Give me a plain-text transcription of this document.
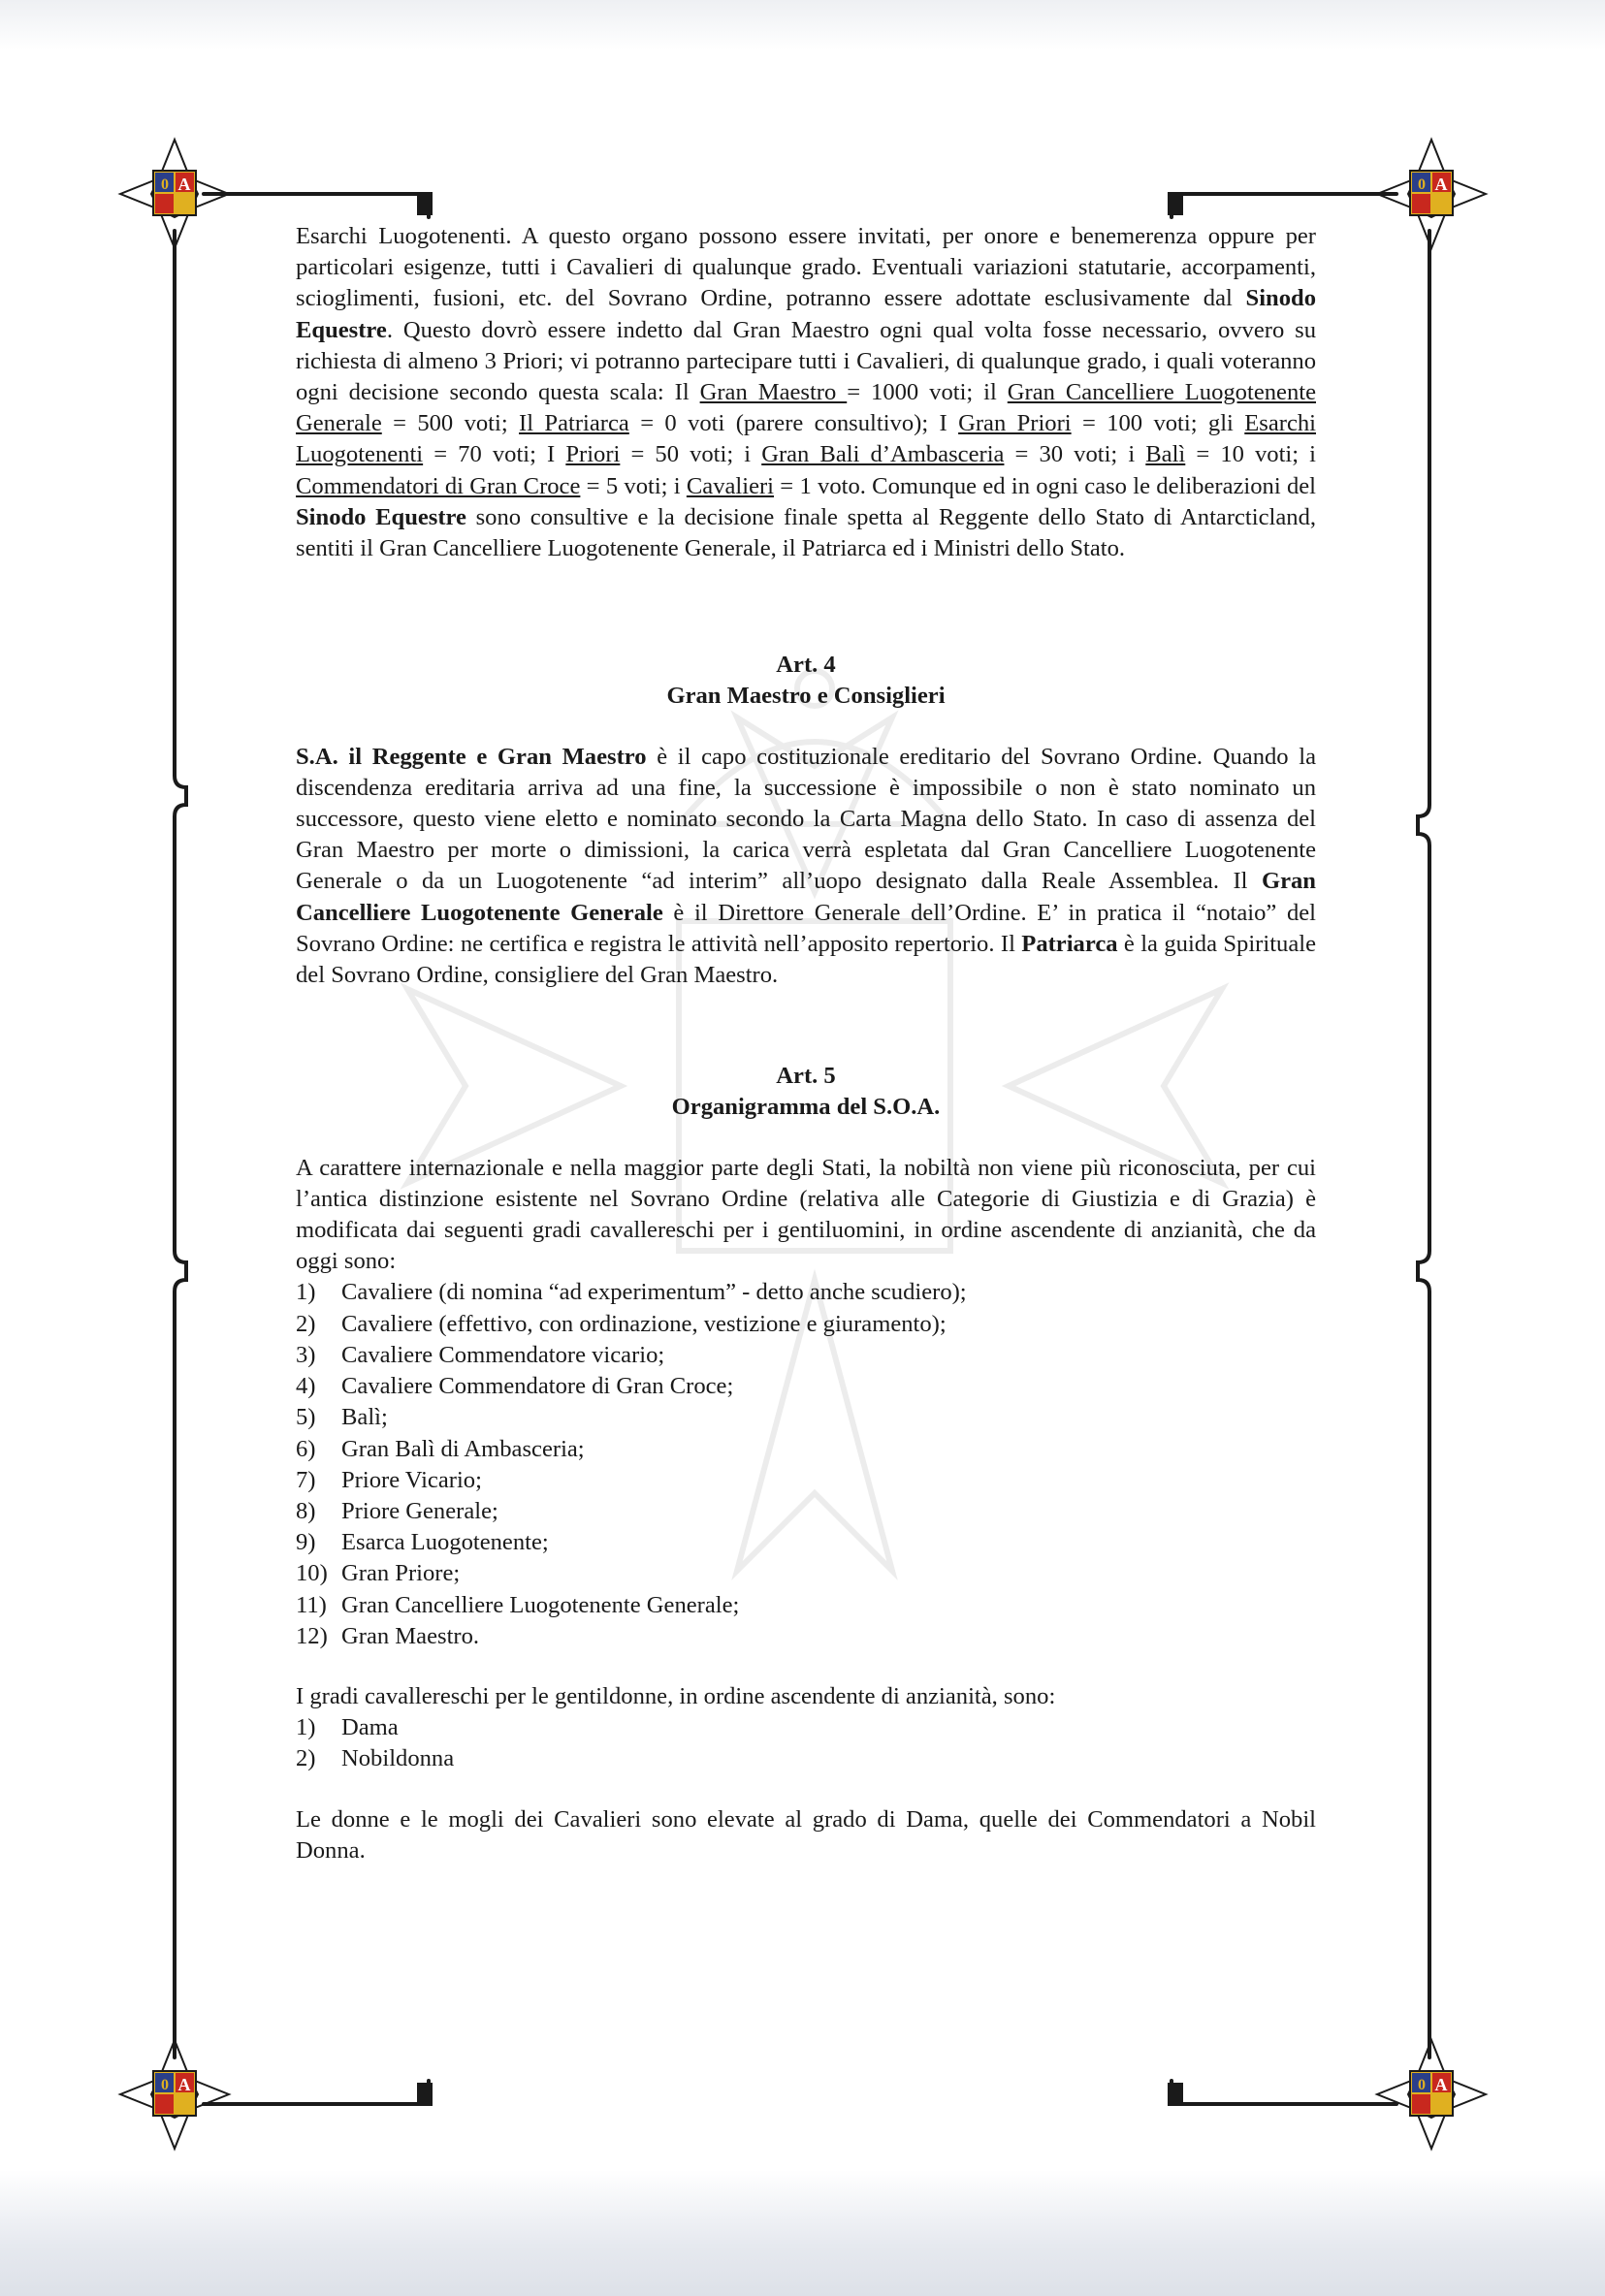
0 A	0 A
0 A	0 A

Esarchi Luogotenenti. A questo organo possono essere invitati, per onore e benemerenza oppure per particolari esigenze, tutti i Cavalieri di qualunque grado. Eventuali variazioni statutarie, accorpamenti, scioglimenti, fusioni, etc. del Sovrano Ordine, potranno essere adottate esclusivamente dal Sinodo Equestre. Questo dovrò essere indetto dal Gran Maestro ogni qual volta fosse necessario, ovvero su richiesta di almeno 3 Priori; vi potranno partecipare tutti i Cavalieri, di qualunque grado, i quali voteranno ogni decisione secondo questa scala: Il Gran Maestro = 1000 voti; il Gran Cancelliere Luogotenente Generale = 500 voti; Il Patriarca = 0 voti (parere consultivo); I Gran Priori = 100 voti; gli Esarchi Luogotenenti = 70 voti; I Priori = 50 voti; i Gran Bali d’Ambasceria = 30 voti; i Balì = 10 voti; i Commendatori di Gran Croce = 5 voti; i Cavalieri = 1 voto. Comunque ed in ogni caso le deliberazioni del Sinodo Equestre sono consultive e la decisione finale spetta al Reggente dello Stato di Antarcticland, sentiti il Gran Cancelliere Luogotenente Generale, il Patriarca ed i Ministri dello Stato.

Art. 4

Gran Maestro e Consiglieri

S.A. il Reggente e Gran Maestro è il capo costituzionale ereditario del Sovrano Ordine. Quando la discendenza ereditaria arriva ad una fine, la successione è impossibile o non è stato nominato un successore, questo viene eletto e nominato secondo la Carta Magna dello Stato. In caso di assenza del Gran Maestro per morte o dimissioni, la carica verrà espletata dal Gran Cancelliere Luogotenente Generale o da un Luogotenente “ad interim” all’uopo designato dalla Reale Assemblea. Il Gran Cancelliere Luogotenente Generale è il Direttore Generale dell’Ordine. E’ in pratica il “notaio” del Sovrano Ordine: ne certifica e registra le attività nell’apposito repertorio. Il Patriarca è la guida Spirituale del Sovrano Ordine, consigliere del Gran Maestro.

Art. 5

Organigramma del S.O.A.

A carattere internazionale e nella maggior parte degli Stati, la nobiltà non viene più riconosciuta, per cui l’antica distinzione esistente nel Sovrano Ordine (relativa alle Categorie di Giustizia e di Grazia) è modificata dai seguenti gradi cavallereschi per i gentiluomini, in ordine ascendente di anzianità, che da oggi sono:

1)	Cavaliere (di nomina “ad experimentum” - detto anche scudiero);
2)	Cavaliere (effettivo, con ordinazione, vestizione e giuramento);
3)	Cavaliere Commendatore vicario;
4)	Cavaliere Commendatore di Gran Croce;
5)	Balì;
6)	Gran Balì di Ambasceria;
7)	Priore Vicario;
8)	Priore Generale;
9)	Esarca Luogotenente;
10) Gran Priore;
11) Gran Cancelliere Luogotenente Generale;
12) Gran Maestro.

I gradi cavallereschi per le gentildonne, in ordine ascendente di anzianità, sono:

1)	Dama
2)	Nobildonna

Le donne e le mogli dei Cavalieri sono elevate al grado di Dama, quelle dei Commendatori a Nobil Donna.
